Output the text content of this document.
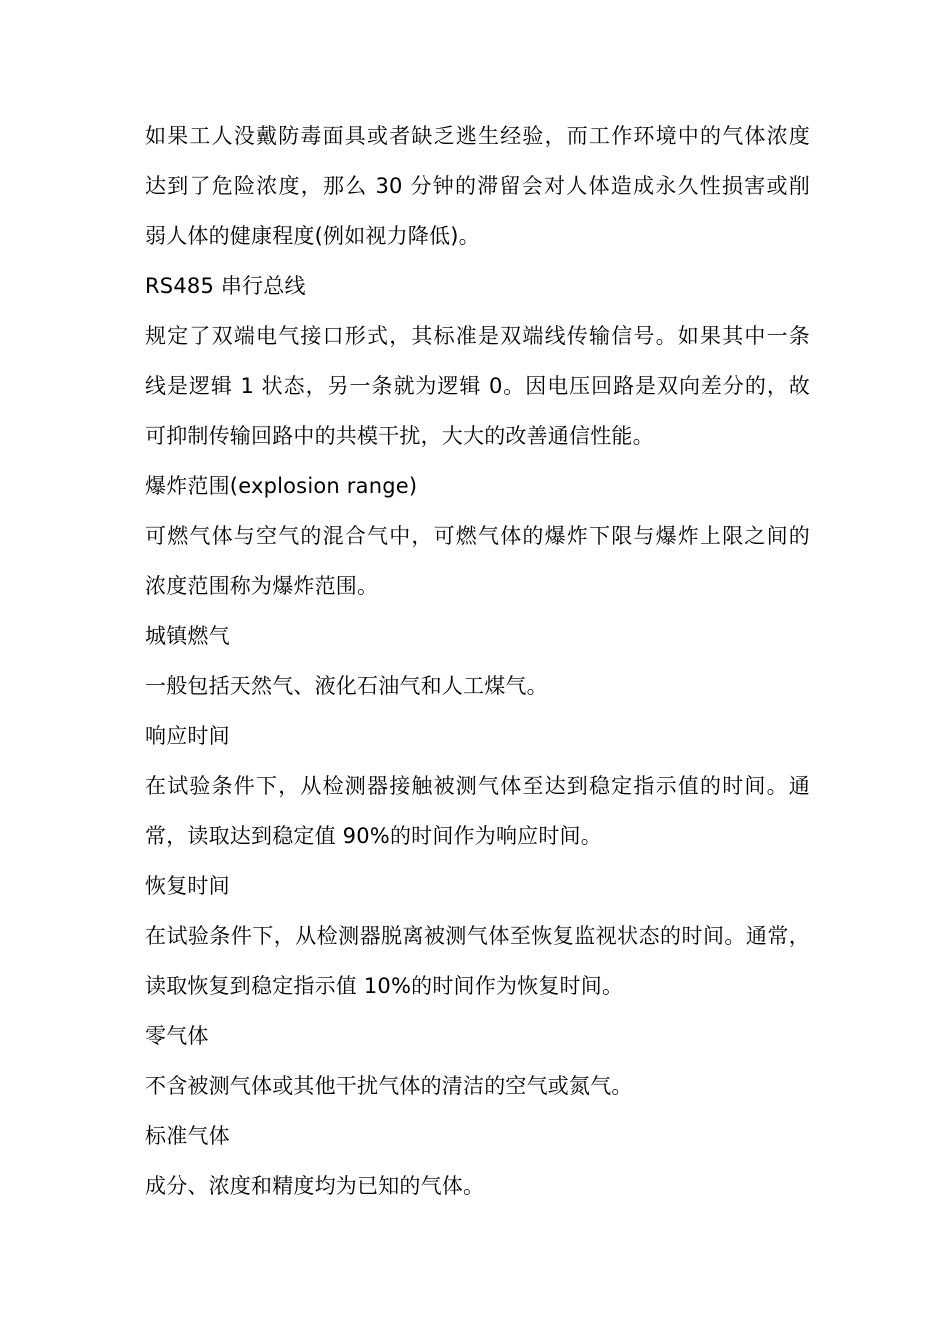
如果工人没戴防毒面具或者缺乏逃生经验，而工作环境中的气体浓度
达到了危险浓度，那么 30 分钟的滞留会对人体造成永久性损害或削
弱人体的健康程度(例如视力降低)。
RS485 串行总线
规定了双端电气接口形式，其标准是双端线传输信号。如果其中一条
线是逻辑 1 状态，另一条就为逻辑 0。因电压回路是双向差分的，故
可抑制传输回路中的共模干扰，大大的改善通信性能。
爆炸范围(explosion range)
可燃气体与空气的混合气中，可燃气体的爆炸下限与爆炸上限之间的
浓度范围称为爆炸范围。
城镇燃气
一般包括天然气、液化石油气和人工煤气。
响应时间
在试验条件下，从检测器接触被测气体至达到稳定指示值的时间。通
常，读取达到稳定值 90%的时间作为响应时间。
恢复时间
在试验条件下，从检测器脱离被测气体至恢复监视状态的时间。通常，
读取恢复到稳定指示值 10%的时间作为恢复时间。
零气体
不含被测气体或其他干扰气体的清洁的空气或氮气。
标准气体
成分、浓度和精度均为已知的气体。
